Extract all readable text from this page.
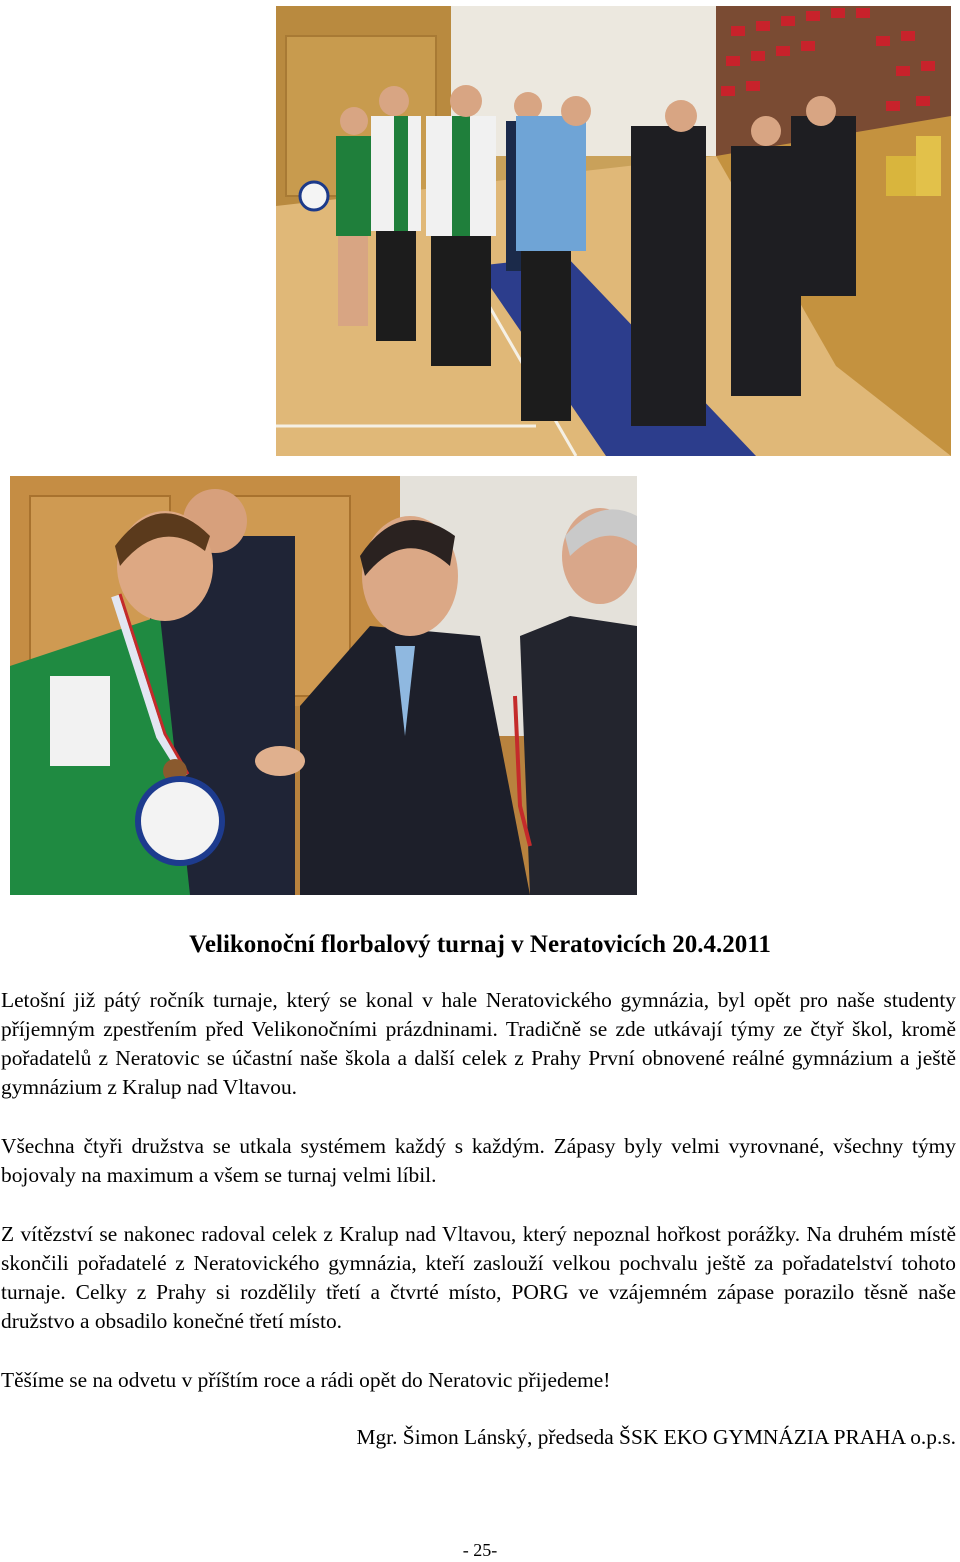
Velikonoční florbalový turnaj v Neratovicích 20.4.2011

Letošní již pátý ročník turnaje, který se konal v hale Neratovického gymnázia, byl opět pro naše studenty příjemným zpestřením před Velikonočními prázdninami. Tradičně se zde utkávají týmy ze čtyř škol, kromě pořadatelů z Neratovic se účastní naše škola a další celek z Prahy První obnovené reálné gymnázium a ještě gymnázium z Kralup nad Vltavou.

Všechna čtyři družstva se utkala systémem každý s každým. Zápasy byly velmi vyrovnané, všechny týmy bojovaly na maximum a všem se turnaj velmi líbil.

Z vítězství se nakonec radoval celek z Kralup nad Vltavou, který nepoznal hořkost porážky. Na druhém místě skončili pořadatelé z Neratovického gymnázia, kteří zaslouží velkou pochvalu ještě za pořadatelství tohoto turnaje. Celky z Prahy si rozdělily třetí a čtvrté místo, PORG ve vzájemném zápase porazilo těsně naše družstvo a obsadilo konečné třetí místo.

Těšíme se na odvetu v příštím roce a rádi opět do Neratovic přijedeme!

Mgr. Šimon Lánský, předseda ŠSK EKO GYMNÁZIA PRAHA o.p.s.

- 25-
